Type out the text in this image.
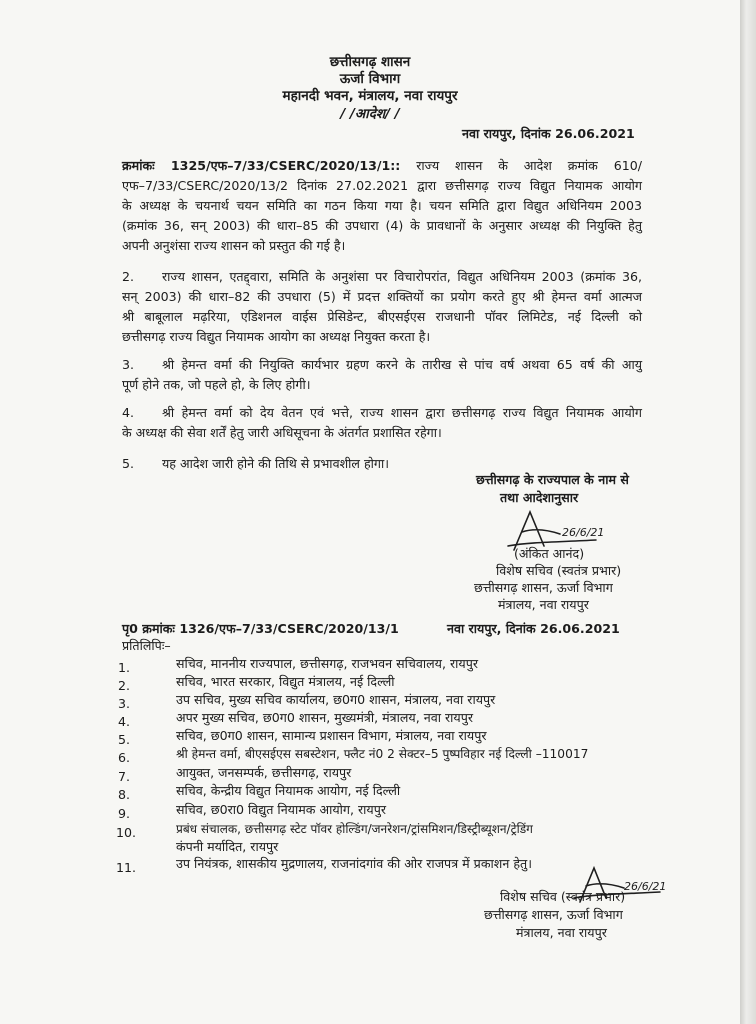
छत्तीसगढ़ शासन
ऊर्जा विभाग
महानदी भवन, मंत्रालय, नवा रायपुर
/ /आदेश/ /
नवा रायपुर, दिनांक 26.06.2021
क्रमांकः 1325/एफ–7/33/CSERC/2020/13/1:: राज्य शासन के आदेश क्रमांक 610/
एफ–7/33/CSERC/2020/13/2 दिनांक 27.02.2021 द्वारा छत्तीसगढ़ राज्य विद्युत नियामक आयोग
के अध्यक्ष के चयनार्थ चयन समिति का गठन किया गया है। चयन समिति द्वारा विद्युत अधिनियम 2003
(क्रमांक 36, सन् 2003) की धारा–85 की उपधारा (4) के प्रावधानों के अनुसार अध्यक्ष की नियुक्ति हेतु
अपनी अनुशंसा राज्य शासन को प्रस्तुत की गई है।
2. राज्य शासन, एतद्द्वारा, समिति के अनुशंसा पर विचारोपरांत, विद्युत अधिनियम 2003 (क्रमांक 36,
सन् 2003) की धारा–82 की उपधारा (5) में प्रदत्त शक्तियों का प्रयोग करते हुए श्री हेमन्त वर्मा आत्मज
श्री बाबूलाल मढ़रिया, एडिशनल वाईस प्रेसिडेन्ट, बीएसईएस राजधानी पॉवर लिमिटेड, नई दिल्ली को
छत्तीसगढ़ राज्य विद्युत नियामक आयोग का अध्यक्ष नियुक्त करता है।
3. श्री हेमन्त वर्मा की नियुक्ति कार्यभार ग्रहण करने के तारीख से पांच वर्ष अथवा 65 वर्ष की आयु
पूर्ण होने तक, जो पहले हो, के लिए होगी।
4. श्री हेमन्त वर्मा को देय वेतन एवं भत्ते, राज्य शासन द्वारा छत्तीसगढ़ राज्य विद्युत नियामक आयोग
के अध्यक्ष की सेवा शर्तें हेतु जारी अधिसूचना के अंतर्गत प्रशासित रहेगा।
5. यह आदेश जारी होने की तिथि से प्रभावशील होगा।
छत्तीसगढ़ के राज्यपाल के नाम से
तथा आदेशानुसार
26/6/21
(अंकित आनंद)
विशेष सचिव (स्वतंत्र प्रभार)
छत्तीसगढ़ शासन, ऊर्जा विभाग
मंत्रालय, नवा रायपुर
पृ0 क्रमांकः 1326/एफ–7/33/CSERC/2020/13/1	नवा रायपुर, दिनांक 26.06.2021
प्रतिलिपिः–
1.	सचिव, माननीय राज्यपाल, छत्तीसगढ़, राजभवन सचिवालय, रायपुर
2.	सचिव, भारत सरकार, विद्युत मंत्रालय, नई दिल्ली
3.	उप सचिव, मुख्य सचिव कार्यालय, छ0ग0 शासन, मंत्रालय, नवा रायपुर
4.	अपर मुख्य सचिव, छ0ग0 शासन, मुख्यमंत्री, मंत्रालय, नवा रायपुर
5.	सचिव, छ0ग0 शासन, सामान्य प्रशासन विभाग, मंत्रालय, नवा रायपुर
6.	श्री हेमन्त वर्मा, बीएसईएस सबस्टेशन, फ्लैट नं0 2 सेक्टर–5 पुष्पविहार नई दिल्ली –110017
7.	आयुक्त, जनसम्पर्क, छत्तीसगढ़, रायपुर
8.	सचिव, केन्द्रीय विद्युत नियामक आयोग, नई दिल्ली
9.	सचिव, छ0रा0 विद्युत नियामक आयोग, रायपुर
10.	प्रबंध संचालक, छत्तीसगढ़ स्टेट पॉवर होल्डिंग/जनरेशन/ट्रांसमिशन/डिस्ट्रीब्यूशन/ट्रेडिंग
कंपनी मर्यादित, रायपुर
11.	उप नियंत्रक, शासकीय मुद्रणालय, राजनांदगांव की ओर राजपत्र में प्रकाशन हेतु।
26/6/21
विशेष सचिव (स्वतंत्र प्रभार)
छत्तीसगढ़ शासन, ऊर्जा विभाग
मंत्रालय, नवा रायपुर
